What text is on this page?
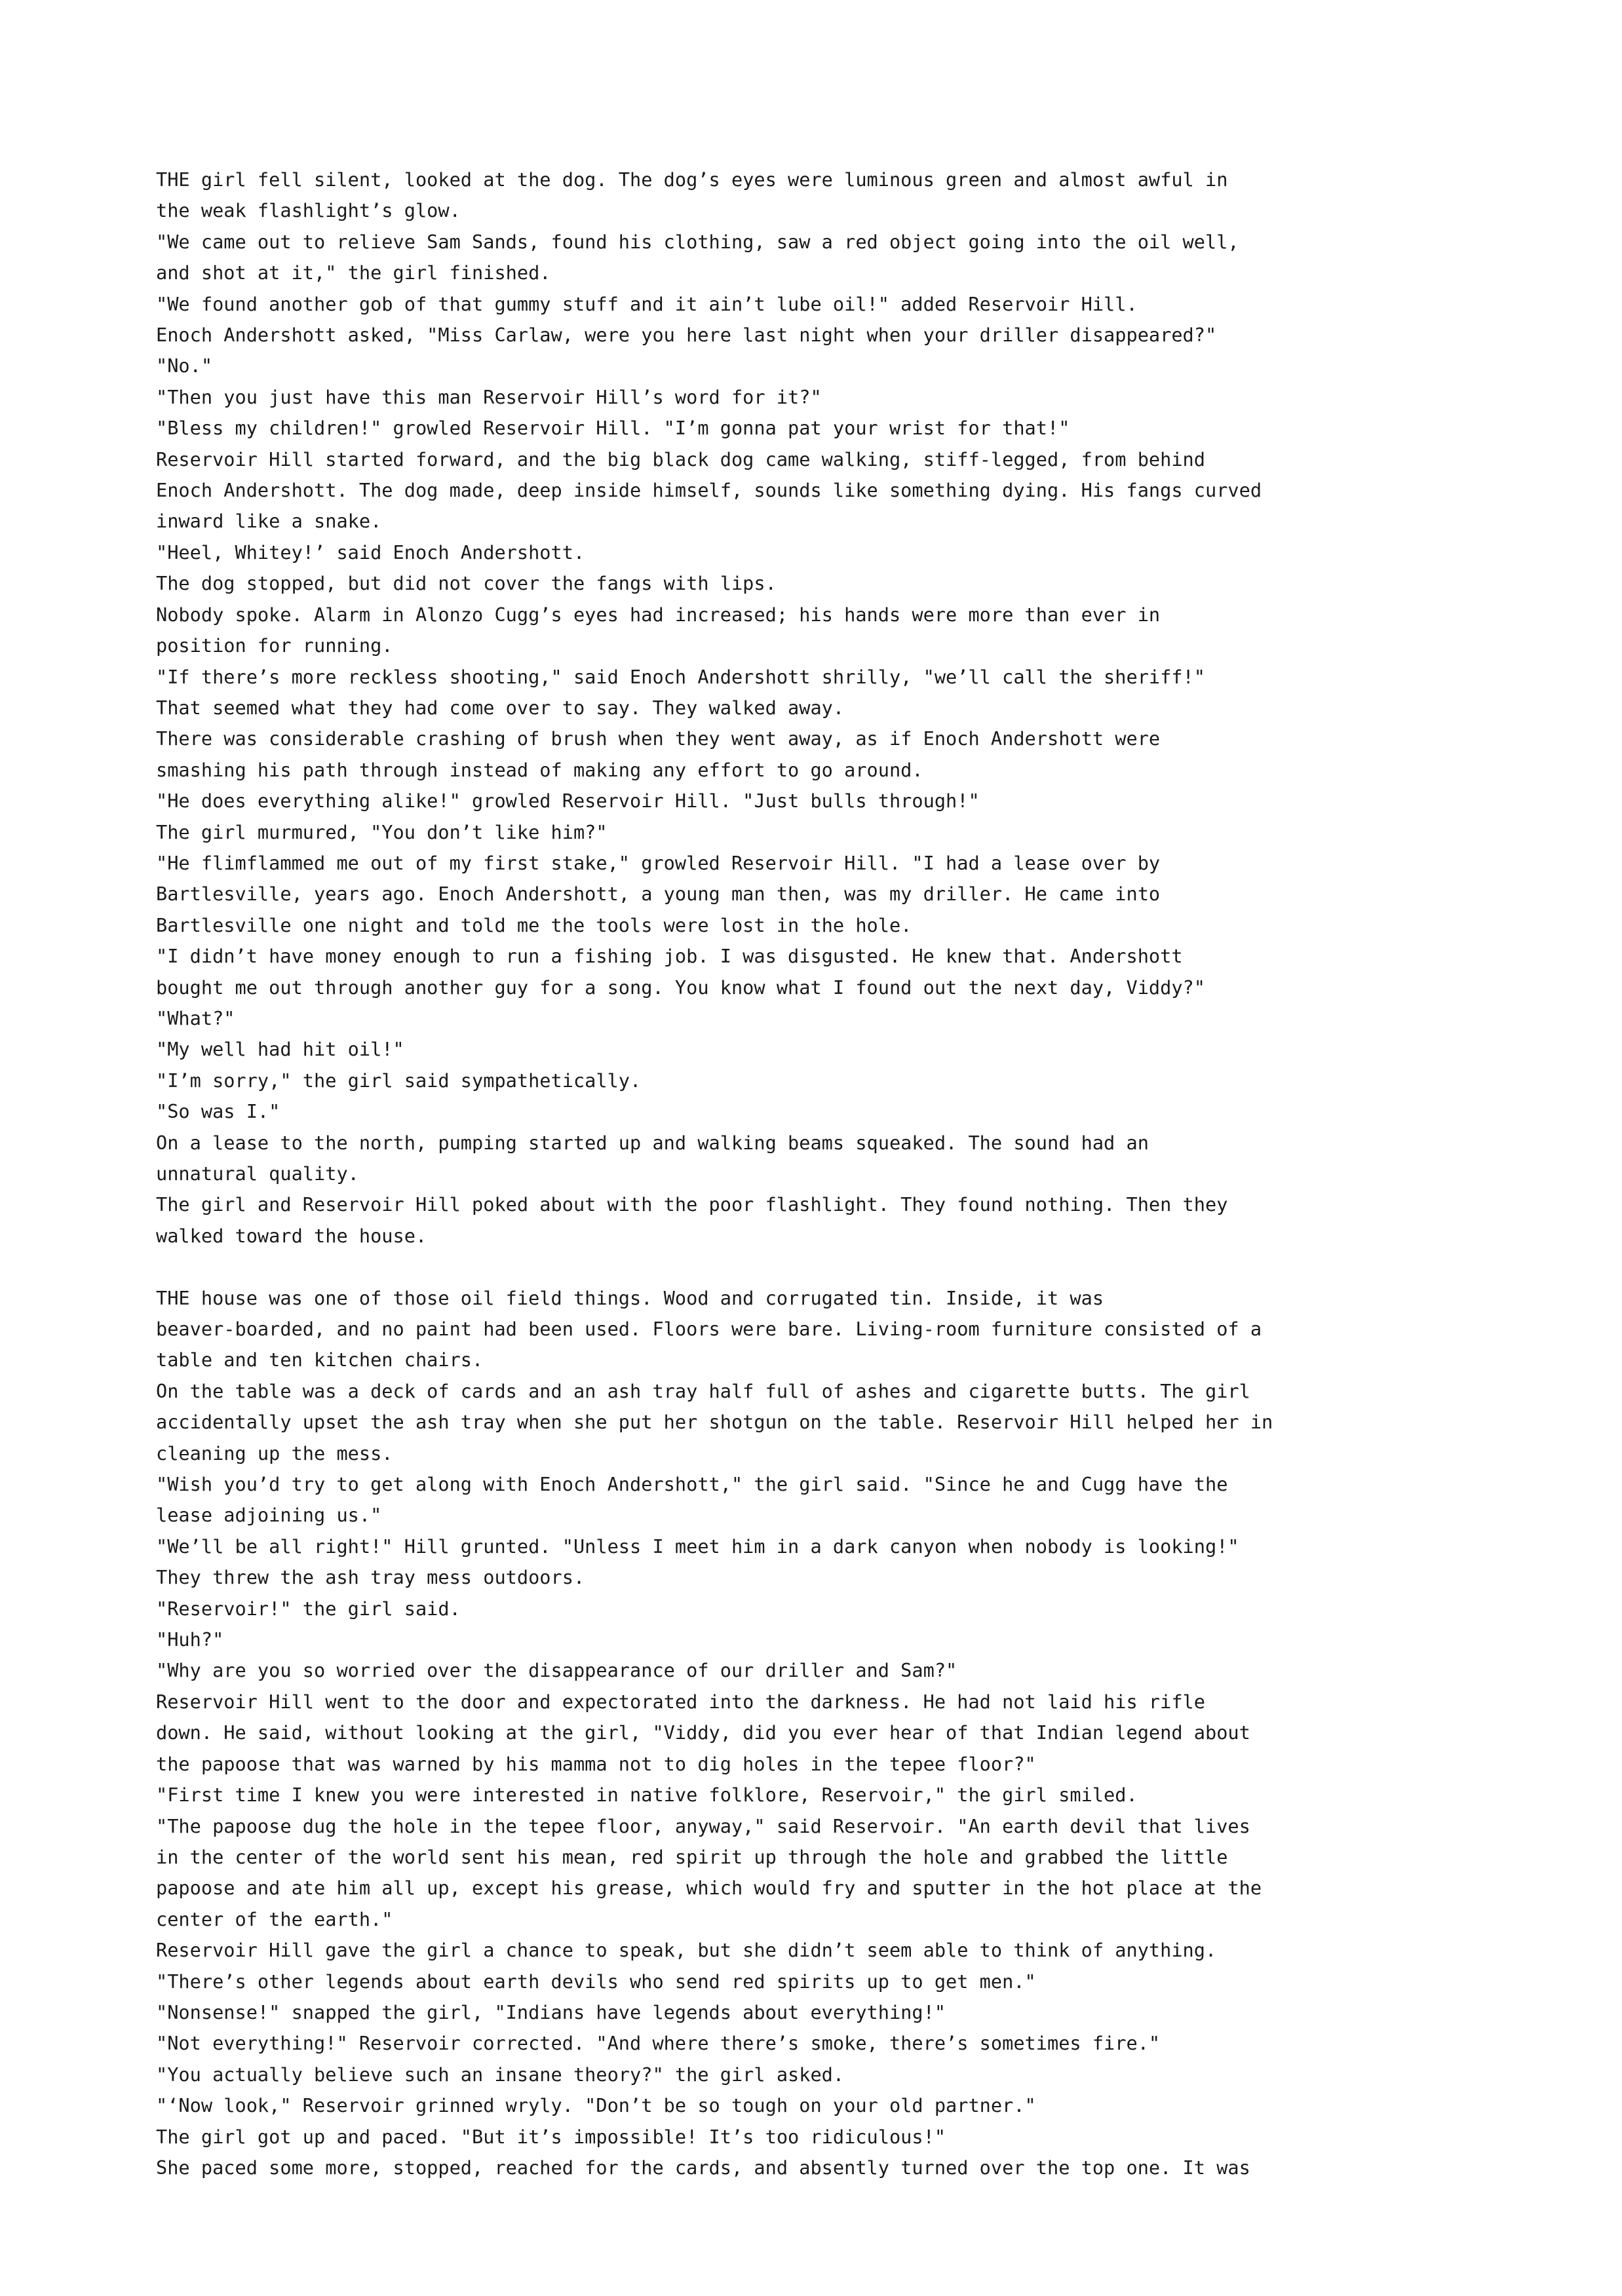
THE girl fell silent, looked at the dog. The dog’s eyes were luminous green and almost awful in
the weak flashlight’s glow.
"We came out to relieve Sam Sands, found his clothing, saw a red object going into the oil well,
and shot at it," the girl finished.
"We found another gob of that gummy stuff and it ain’t lube oil!" added Reservoir Hill.
Enoch Andershott asked, "Miss Carlaw, were you here last night when your driller disappeared?"
"No."
"Then you just have this man Reservoir Hill’s word for it?"
"Bless my children!" growled Reservoir Hill. "I’m gonna pat your wrist for that!"
Reservoir Hill started forward, and the big black dog came walking, stiff-legged, from behind
Enoch Andershott. The dog made, deep inside himself, sounds like something dying. His fangs curved
inward like a snake.
"Heel, Whitey!’ said Enoch Andershott.
The dog stopped, but did not cover the fangs with lips.
Nobody spoke. Alarm in Alonzo Cugg’s eyes had increased; his hands were more than ever in
position for running.
"If there’s more reckless shooting," said Enoch Andershott shrilly, "we’ll call the sheriff!"
That seemed what they had come over to say. They walked away.
There was considerable crashing of brush when they went away, as if Enoch Andershott were
smashing his path through instead of making any effort to go around.
"He does everything alike!" growled Reservoir Hill. "Just bulls through!"
The girl murmured, "You don’t like him?"
"He flimflammed me out of my first stake," growled Reservoir Hill. "I had a lease over by
Bartlesville, years ago. Enoch Andershott, a young man then, was my driller. He came into
Bartlesville one night and told me the tools were lost in the hole.
"I didn’t have money enough to run a fishing job. I was disgusted. He knew that. Andershott
bought me out through another guy for a song. You know what I found out the next day, Viddy?"
"What?"
"My well had hit oil!"
"I’m sorry," the girl said sympathetically.
"So was I."
On a lease to the north, pumping started up and walking beams squeaked. The sound had an
unnatural quality.
The girl and Reservoir Hill poked about with the poor flashlight. They found nothing. Then they
walked toward the house.
THE house was one of those oil field things. Wood and corrugated tin. Inside, it was
beaver-boarded, and no paint had been used. Floors were bare. Living-room furniture consisted of a
table and ten kitchen chairs.
On the table was a deck of cards and an ash tray half full of ashes and cigarette butts. The girl
accidentally upset the ash tray when she put her shotgun on the table. Reservoir Hill helped her in
cleaning up the mess.
"Wish you’d try to get along with Enoch Andershott," the girl said. "Since he and Cugg have the
lease adjoining us."
"We’ll be all right!" Hill grunted. "Unless I meet him in a dark canyon when nobody is looking!"
They threw the ash tray mess outdoors.
"Reservoir!" the girl said.
"Huh?"
"Why are you so worried over the disappearance of our driller and Sam?"
Reservoir Hill went to the door and expectorated into the darkness. He had not laid his rifle
down. He said, without looking at the girl, "Viddy, did you ever hear of that Indian legend about
the papoose that was warned by his mamma not to dig holes in the tepee floor?"
"First time I knew you were interested in native folklore, Reservoir," the girl smiled.
"The papoose dug the hole in the tepee floor, anyway," said Reservoir. "An earth devil that lives
in the center of the world sent his mean, red spirit up through the hole and grabbed the little
papoose and ate him all up, except his grease, which would fry and sputter in the hot place at the
center of the earth."
Reservoir Hill gave the girl a chance to speak, but she didn’t seem able to think of anything.
"There’s other legends about earth devils who send red spirits up to get men."
"Nonsense!" snapped the girl, "Indians have legends about everything!"
"Not everything!" Reservoir corrected. "And where there’s smoke, there’s sometimes fire."
"You actually believe such an insane theory?" the girl asked.
"‘Now look," Reservoir grinned wryly. "Don’t be so tough on your old partner."
The girl got up and paced. "But it’s impossible! It’s too ridiculous!"
She paced some more, stopped, reached for the cards, and absently turned over the top one. It was
